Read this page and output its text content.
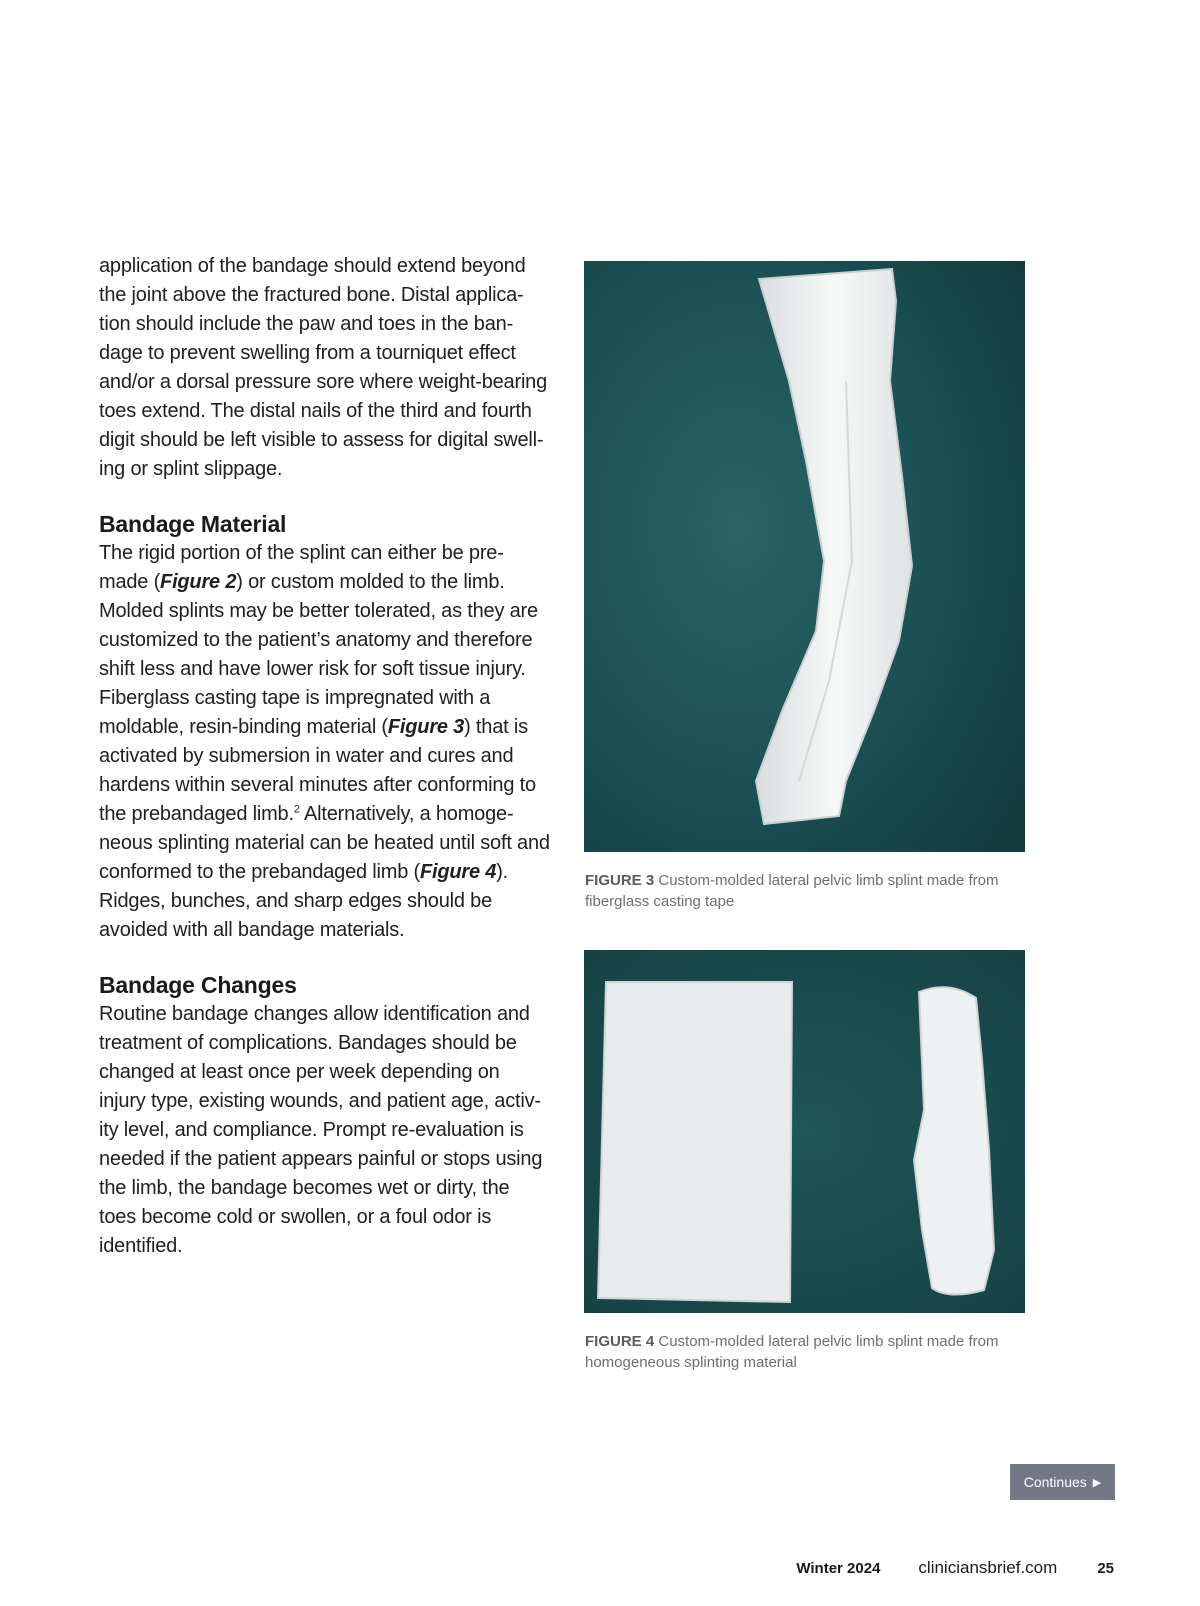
application of the bandage should extend beyond the joint above the fractured bone. Distal applica-tion should include the paw and toes in the ban-dage to prevent swelling from a tourniquet effect and/or a dorsal pressure sore where weight-bearing toes extend. The distal nails of the third and fourth digit should be left visible to assess for digital swell-ing or splint slippage.

Bandage Material

The rigid portion of the splint can either be pre-made (Figure 2) or custom molded to the limb. Molded splints may be better tolerated, as they are customized to the patient’s anatomy and therefore shift less and have lower risk for soft tissue injury. Fiberglass casting tape is impregnated with a moldable, resin-binding material (Figure 3) that is activated by submersion in water and cures and hardens within several minutes after conforming to the prebandaged limb.$^2$ Alternatively, a homoge-neous splinting material can be heated until soft and conformed to the prebandaged limb (Figure 4). Ridges, bunches, and sharp edges should be avoided with all bandage materials.

Bandage Changes

Routine bandage changes allow identification and treatment of complications. Bandages should be changed at least once per week depending on injury type, existing wounds, and patient age, activ-ity level, and compliance. Prompt re-evaluation is needed if the patient appears painful or stops using the limb, the bandage becomes wet or dirty, the toes become cold or swollen, or a foul odor is identified.

FIGURE 3 Custom-molded lateral pelvic limb splint made from fiberglass casting tape
FIGURE 4 Custom-molded lateral pelvic limb splint made from homogeneous splinting material
Continues ▶
Winter 2024 cliniciansbrief.com	25
